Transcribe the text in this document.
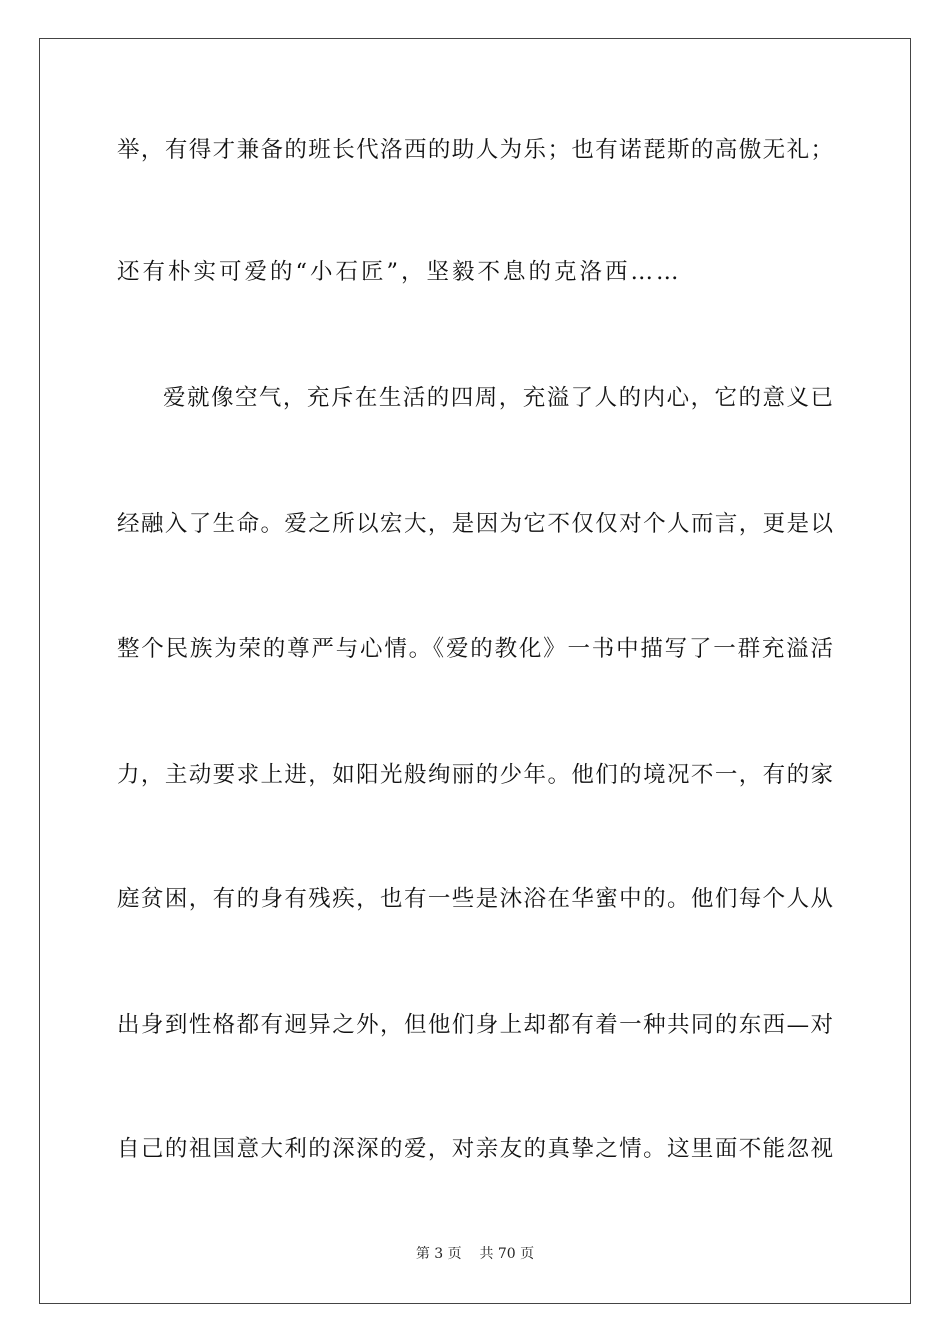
举，有得才兼备的班长代洛西的助人为乐；也有诺琵斯的高傲无礼；
还有朴实可爱的“小石匠”，坚毅不息的克洛西……
爱就像空气，充斥在生活的四周，充溢了人的内心，它的意义已
经融入了生命。爱之所以宏大，是因为它不仅仅对个人而言，更是以
整个民族为荣的尊严与心情。《爱的教化》一书中描写了一群充溢活
力，主动要求上进，如阳光般绚丽的少年。他们的境况不一，有的家
庭贫困，有的身有残疾，也有一些是沐浴在华蜜中的。他们每个人从
出身到性格都有迥异之外，但他们身上却都有着一种共同的东西—对
自己的祖国意大利的深深的爱，对亲友的真挚之情。这里面不能忽视
第 3 页 共 70 页
